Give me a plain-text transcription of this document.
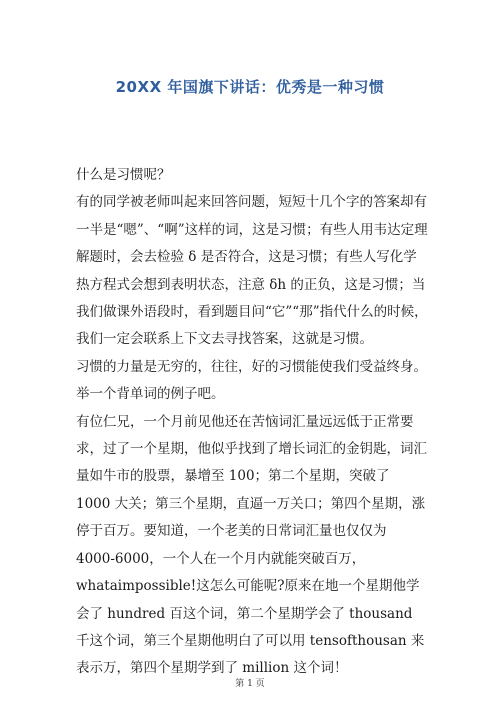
20XX 年国旗下讲话：优秀是一种习惯

什么是习惯呢？

有的同学被老师叫起来回答问题，短短十几个字的答案却有一半是“嗯”、“啊”这样的词，这是习惯；有些人用韦达定理解题时，会去检验 δ 是否符合，这是习惯；有些人写化学热方程式会想到表明状态，注意 δh 的正负，这是习惯；当我们做课外语段时，看到题目问“它”“那”指代什么的时候，我们一定会联系上下文去寻找答案，这就是习惯。

习惯的力量是无穷的，往往，好的习惯能使我们受益终身。举一个背单词的例子吧。

有位仁兄，一个月前见他还在苦恼词汇量远远低于正常要求，过了一个星期，他似乎找到了增长词汇的金钥匙，词汇量如牛市的股票，暴增至 100；第二个星期，突破了 1000 大关；第三个星期，直逼一万关口；第四个星期，涨停于百万。要知道，一个老美的日常词汇量也仅仅为 4000-6000，一个人在一个月内就能突破百万，whataimpossible!这怎么可能呢?原来在地一个星期他学会了 hundred 百这个词，第二个星期学会了 thousand 千这个词，第三个星期他明白了可以用 tensofthousan 来表示万，第四个星期学到了 million 这个词！

第 1 页
